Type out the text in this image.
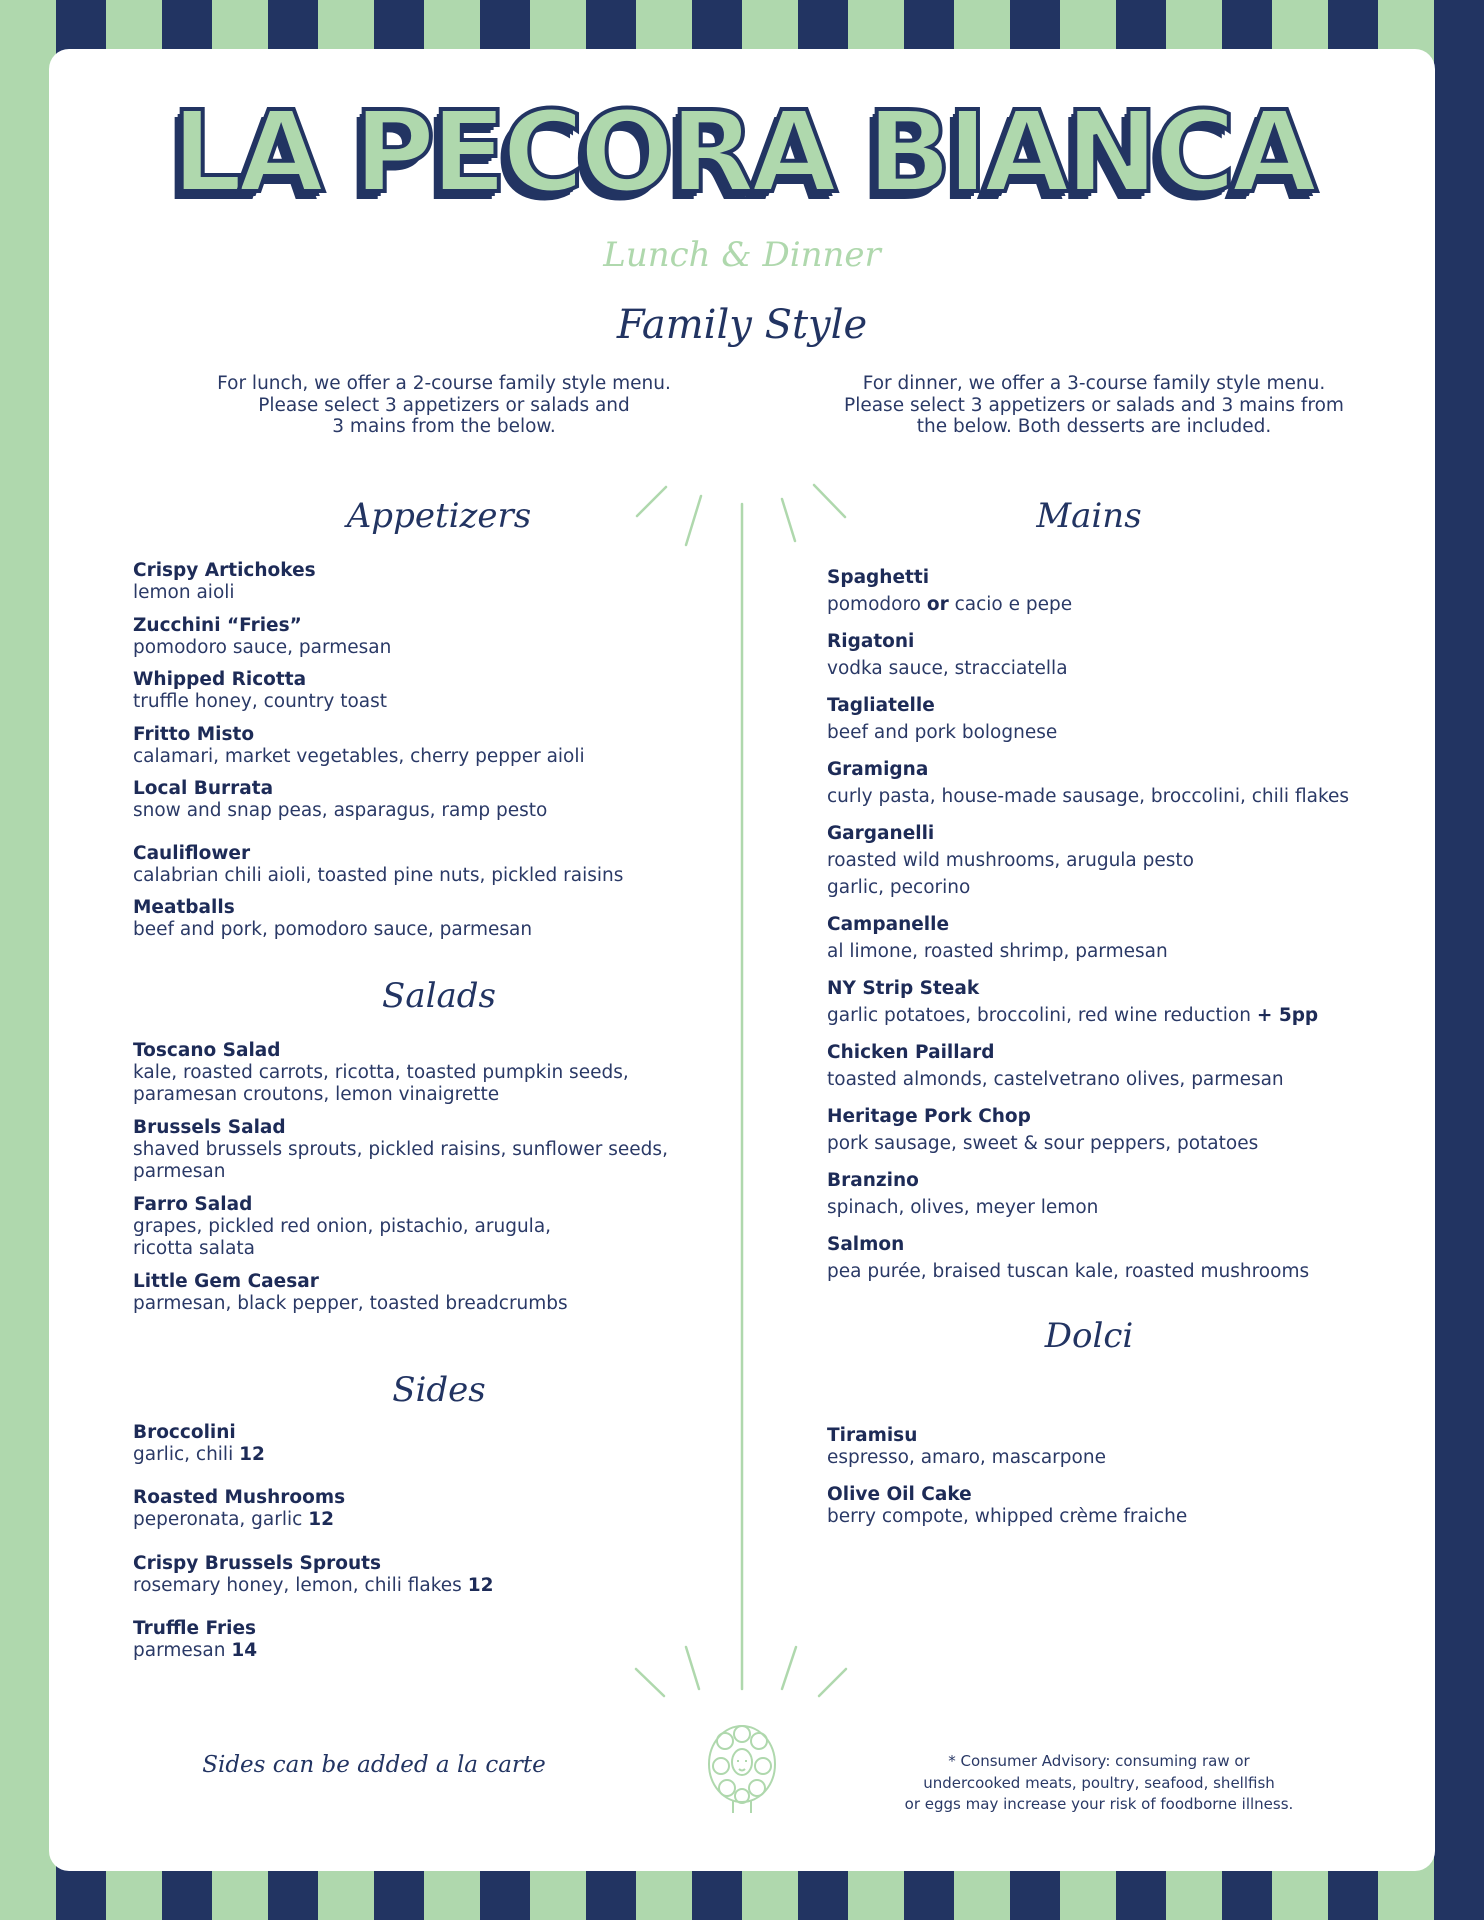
LA PECORA BIANCA
Lunch & Dinner
Family Style
For lunch, we offer a 2-course family style menu.
Please select 3 appetizers or salads and
3 mains from the below.
For dinner, we offer a 3-course family style menu.
Please select 3 appetizers or salads and 3 mains from
the below. Both desserts are included.
Appetizers
Crispy Artichokes
lemon aioli
Zucchini “Fries”
pomodoro sauce, parmesan
Whipped Ricotta
truffle honey, country toast
Fritto Misto
calamari, market vegetables, cherry pepper aioli
Local Burrata
snow and snap peas, asparagus, ramp pesto
Cauliflower
calabrian chili aioli, toasted pine nuts, pickled raisins
Meatballs
beef and pork, pomodoro sauce, parmesan
Salads
Toscano Salad
kale, roasted carrots, ricotta, toasted pumpkin seeds,
paramesan croutons, lemon vinaigrette
Brussels Salad
shaved brussels sprouts, pickled raisins, sunflower seeds,
parmesan
Farro Salad
grapes, pickled red onion, pistachio, arugula,
ricotta salata
Little Gem Caesar
parmesan, black pepper, toasted breadcrumbs
Sides
Broccolini
garlic, chili 12
Roasted Mushrooms
peperonata, garlic 12
Crispy Brussels Sprouts
rosemary honey, lemon, chili flakes 12
Truffle Fries
parmesan 14
Mains
Spaghetti
pomodoro or cacio e pepe
Rigatoni
vodka sauce, stracciatella
Tagliatelle
beef and pork bolognese
Gramigna
curly pasta, house-made sausage, broccolini, chili flakes
Garganelli
roasted wild mushrooms, arugula pesto
garlic, pecorino
Campanelle
al limone, roasted shrimp, parmesan
NY Strip Steak
garlic potatoes, broccolini, red wine reduction + 5pp
Chicken Paillard
toasted almonds, castelvetrano olives, parmesan
Heritage Pork Chop
pork sausage, sweet & sour peppers, potatoes
Branzino
spinach, olives, meyer lemon
Salmon
pea purée, braised tuscan kale, roasted mushrooms
Dolci
Tiramisu
espresso, amaro, mascarpone
Olive Oil Cake
berry compote, whipped crème fraiche
Sides can be added a la carte	* Consumer Advisory: consuming raw or
undercooked meats, poultry, seafood, shellfish
or eggs may increase your risk of foodborne illness.
